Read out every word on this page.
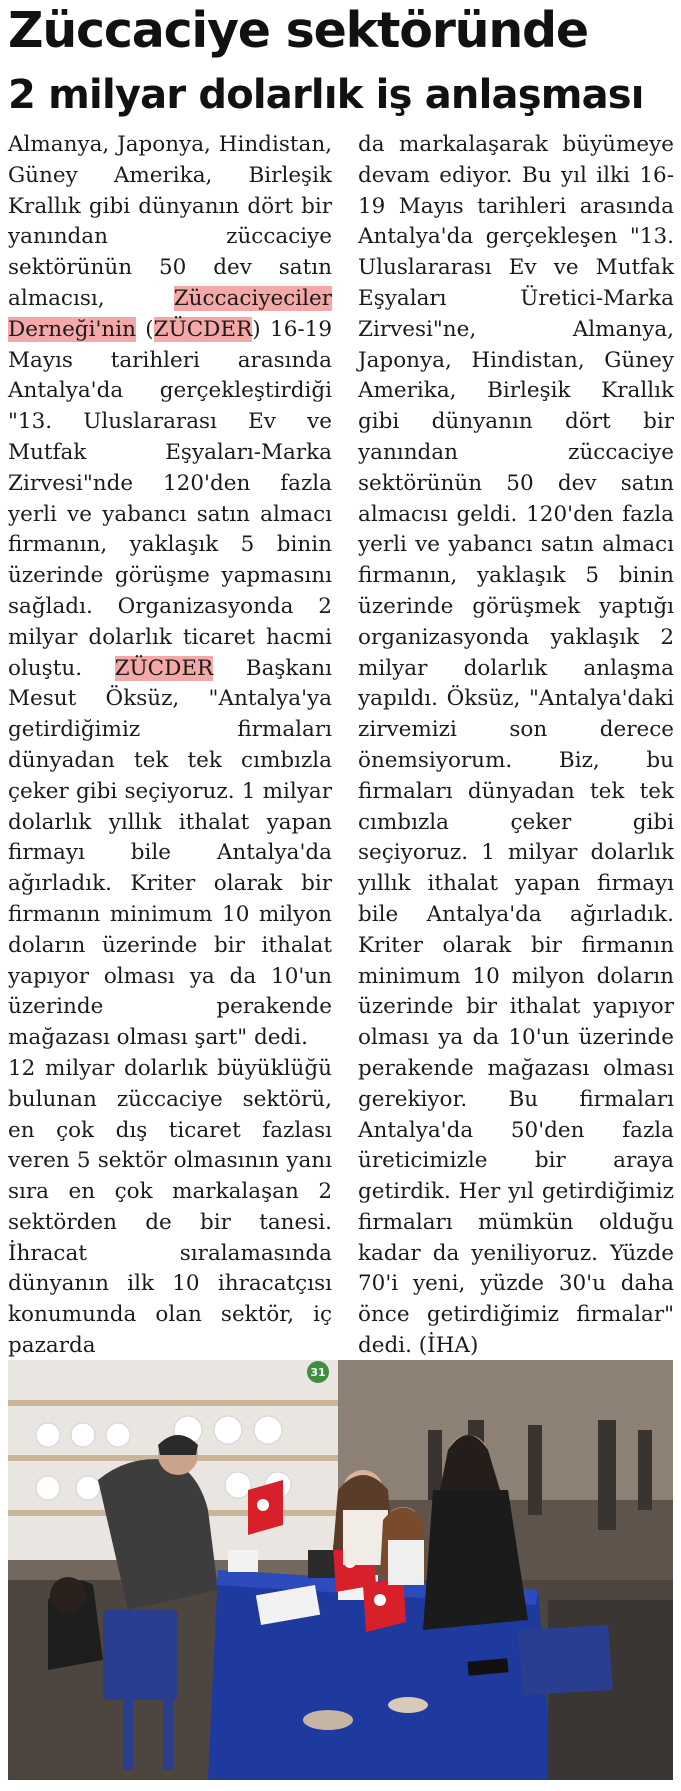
Züccaciye sektöründe
2 milyar dolarlık iş anlaşması

Almanya, Japonya, Hindistan, Güney Amerika, Birleşik Krallık gibi dünyanın dört bir yanından züccaciye sektörünün 50 dev satın almacısı, Züccaciyeciler Derneği'nin (ZÜCDER) 16-19 Mayıs tarihleri arasında Antalya'da gerçekleştirdiği "13. Uluslararası Ev ve Mutfak Eşyaları-Marka Zirvesi"nde 120'den fazla yerli ve yabancı satın almacı firmanın, yaklaşık 5 binin üzerinde görüşme yapmasını sağladı. Organizasyonda 2 milyar dolarlık ticaret hacmi oluştu. ZÜCDER Başkanı Mesut Öksüz, "Antalya'ya getirdiğimiz firmaları dünyadan tek tek cımbızla çeker gibi seçiyoruz. 1 milyar dolarlık yıllık ithalat yapan firmayı bile Antalya'da ağırladık. Kriter olarak bir firmanın minimum 10 milyon doların üzerinde bir ithalat yapıyor olması ya da 10'un üzerinde perakende mağazası olması şart" dedi.

12 milyar dolarlık büyüklüğü bulunan züccaciye sektörü, en çok dış ticaret fazlası veren 5 sektör olmasının yanı sıra en çok markalaşan 2 sektörden de bir tanesi. İhracat sıralamasında dünyanın ilk 10 ihracatçısı konumunda olan sektör, iç pazarda

da markalaşarak büyümeye devam ediyor. Bu yıl ilki 16-19 Mayıs tarihleri arasında Antalya'da gerçekleşen "13. Uluslararası Ev ve Mutfak Eşyaları Üretici-Marka Zirvesi"ne, Almanya, Japonya, Hindistan, Güney Amerika, Birleşik Krallık gibi dünyanın dört bir yanından züccaciye sektörünün 50 dev satın almacısı geldi. 120'den fazla yerli ve yabancı satın almacı firmanın, yaklaşık 5 binin üzerinde görüşmek yaptığı organizasyonda yaklaşık 2 milyar dolarlık anlaşma yapıldı. Öksüz, "Antalya'daki zirvemizi son derece önemsiyorum. Biz, bu firmaları dünyadan tek tek cımbızla çeker gibi seçiyoruz. 1 milyar dolarlık yıllık ithalat yapan firmayı bile Antalya'da ağırladık. Kriter olarak bir firmanın minimum 10 milyon doların üzerinde bir ithalat yapıyor olması ya da 10'un üzerinde perakende mağazası olması gerekiyor. Bu firmaları Antalya'da 50'den fazla üreticimizle bir araya getirdik. Her yıl getirdiğimiz firmaları mümkün olduğu kadar da yeniliyoruz. Yüzde 70'i yeni, yüzde 30'u daha önce getirdiğimiz firmalar" dedi. (İHA)

31
